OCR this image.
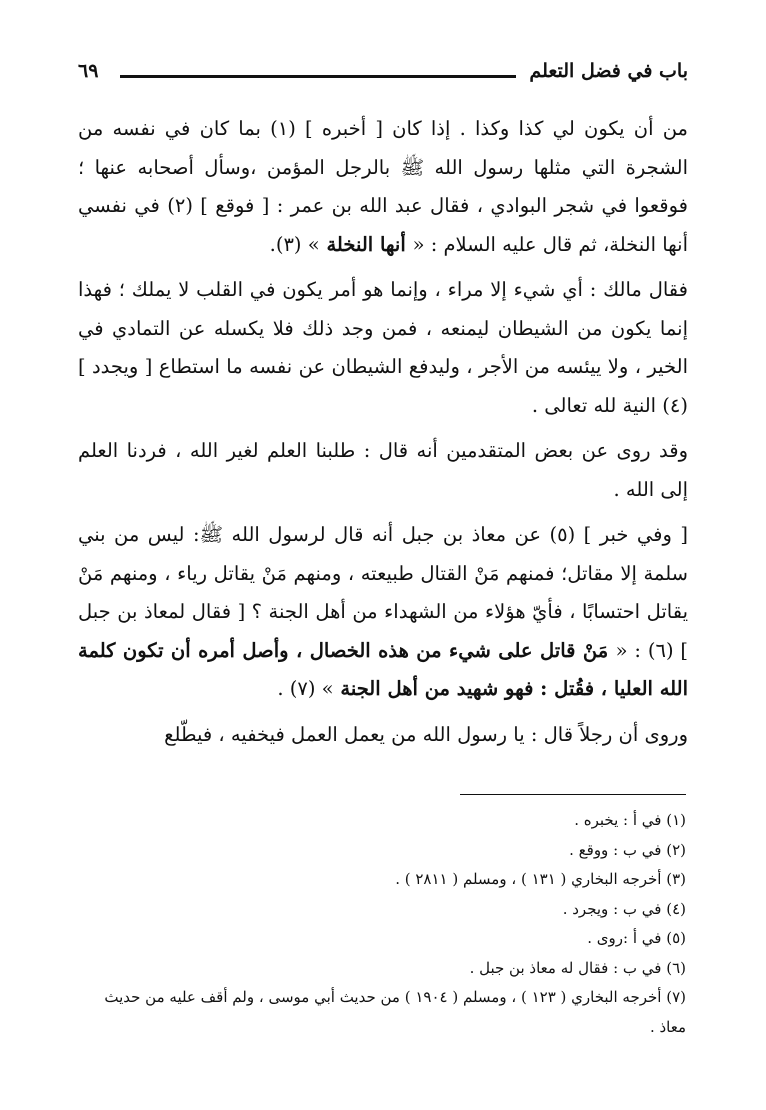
باب في فضل التعلم
٦٩

من أن يكون لي كذا وكذا . إذا كان [ أخبره ] (١) بما كان في نفسه من الشجرة التي مثلها رسول الله ﷺ بالرجل المؤمن ،وسأل أصحابه عنها ؛ فوقعوا في شجر البوادي ، فقال عبد الله بن عمر : [ فوقع ] (٢) في نفسي أنها النخلة، ثم قال عليه السلام : « أنها النخلة » (٣).

فقال مالك : أي شيء إلا مراء ، وإنما هو أمر يكون في القلب لا يملك ؛ فهذا إنما يكون من الشيطان ليمنعه ، فمن وجد ذلك فلا يكسله عن التمادي في الخير ، ولا ييئسه من الأجر ، وليدفع الشيطان عن نفسه ما استطاع [ ويجدد ] (٤) النية لله تعالى .

وقد روى عن بعض المتقدمين أنه قال : طلبنا العلم لغير الله ، فردنا العلم إلى الله .

[ وفي خبر ] (٥) عن معاذ بن جبل أنه قال لرسول الله ﷺ: ليس من بني سلمة إلا مقاتل؛ فمنهم مَنْ القتال طبيعته ، ومنهم مَنْ يقاتل رياء ، ومنهم مَنْ يقاتل احتسابًا ، فأيّ هؤلاء من الشهداء من أهل الجنة ؟ [ فقال لمعاذ بن جبل ] (٦) : « مَنْ قاتل على شيء من هذه الخصال ، وأصل أمره أن تكون كلمة الله العليا ، فقُتل : فهو شهيد من أهل الجنة » (٧) .

وروى أن رجلاً قال : يا رسول الله من يعمل العمل فيخفيه ، فيطّلع

(١) في أ : يخبره .

(٢) في ب : ووقع .

(٣) أخرجه البخاري ( ١٣١ ) ، ومسلم ( ٢٨١١ ) .

(٤) في ب : ويجرد .

(٥) في أ :روى .

(٦) في ب : فقال له معاذ بن جبل .

(٧) أخرجه البخاري ( ١٢٣ ) ، ومسلم ( ١٩٠٤ ) من حديث أبي موسى ، ولم أقف عليه من حديث معاذ .
